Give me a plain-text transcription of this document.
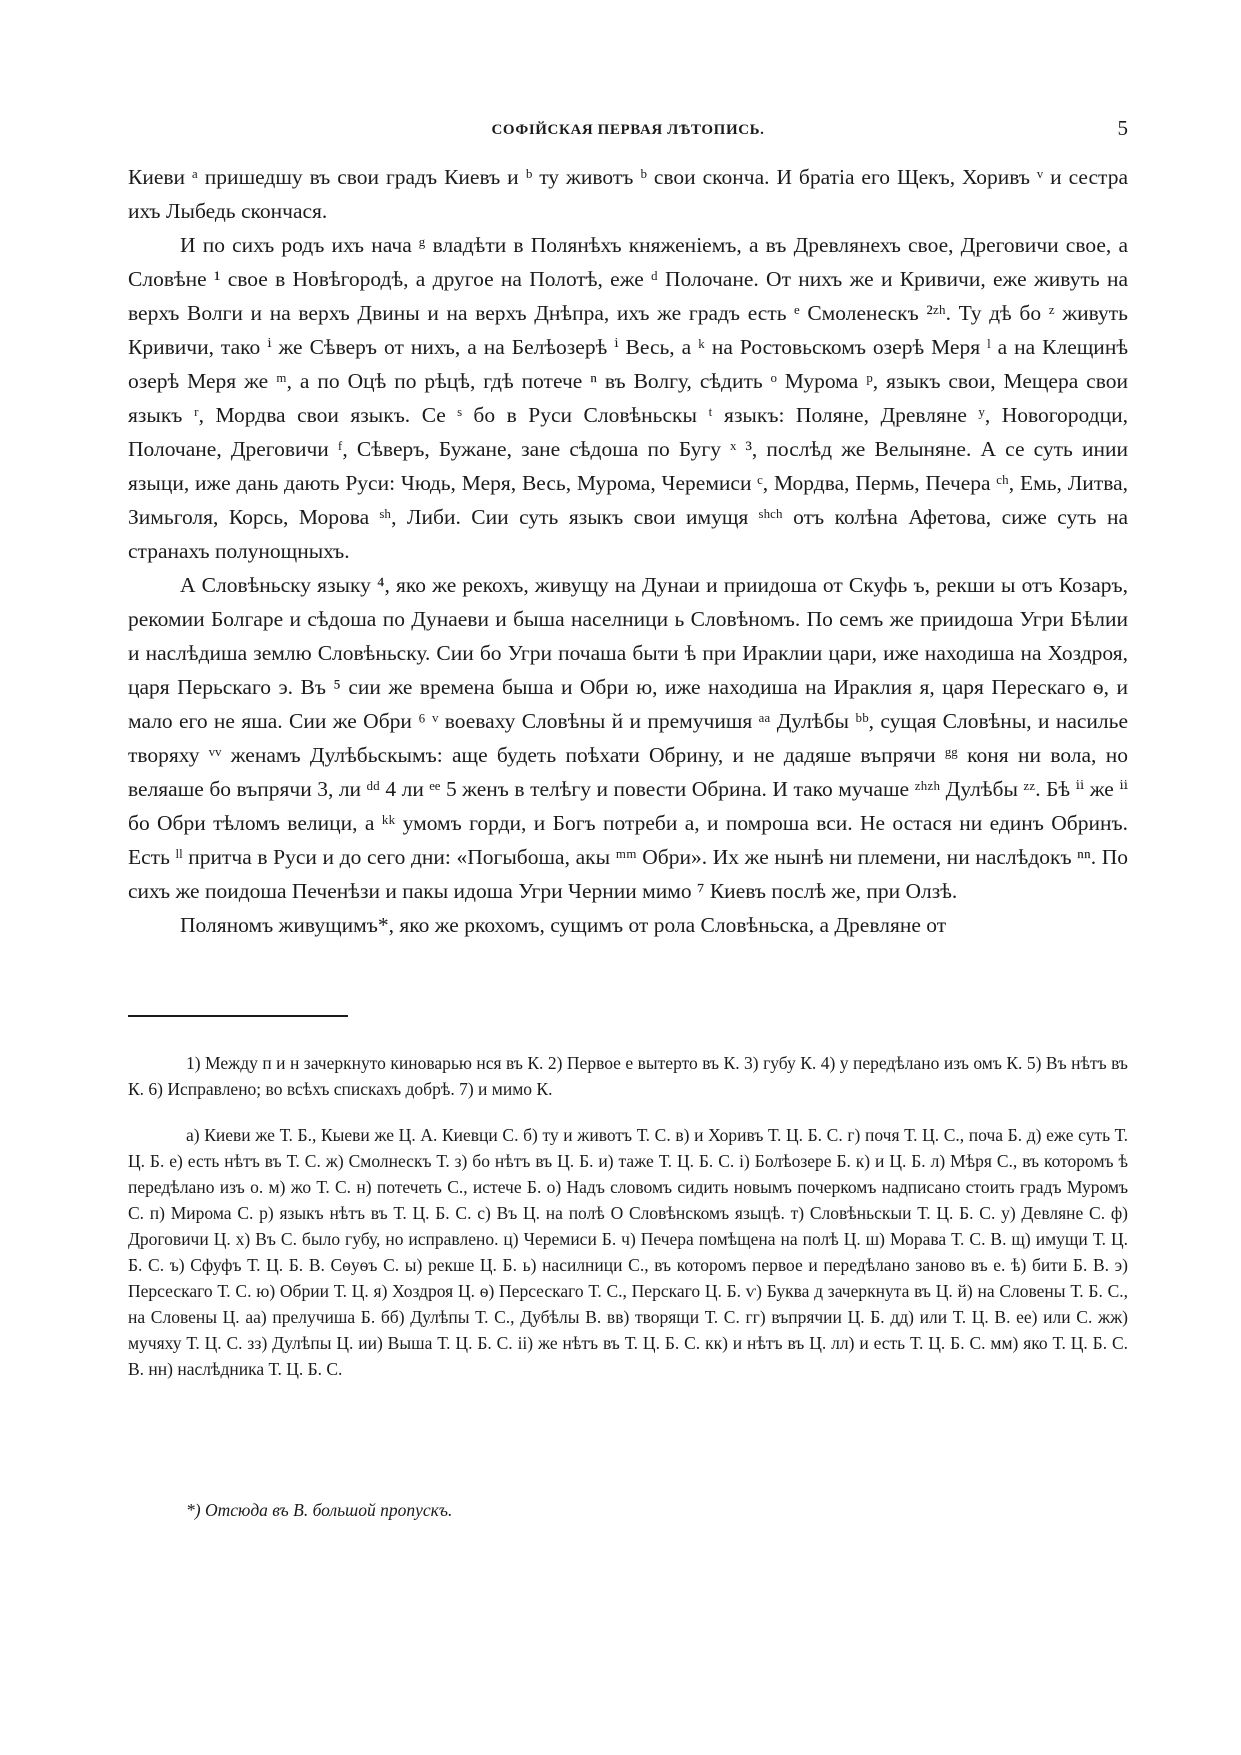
СОФІЙСКАЯ ПЕРВАЯ ЛѢТОПИСЬ.	5

Киеви ᵃ пришедшу въ свои градъ Киевъ и ᵇ ту животъ ᵇ свои скончa. И братіа его Щекъ, Хоривъ ᵛ и сестра ихъ Лыбедь скончася.

И по сихъ родъ ихъ нача ᵍ владѣти в Полянѣхъ княженіемъ, а въ Древлянехъ свое, Дреговичи свое, а Словѣне ¹ свое в Новѣгородѣ, а другое на Полотѣ, еже ᵈ Полочане. От нихъ же и Кривичи, еже живуть на верхъ Волги и на верхъ Двины и на верхъ Днѣпра, ихъ же градъ есть ᵉ Смоленескъ ²ᶻʰ. Ту дѣ бо ᶻ живуть Кривичи, тако ⁱ же Сѣверъ от нихъ, а на Белѣозерѣ ⁱ Весь, а ᵏ на Ростовьскомъ озерѣ Меря ˡ а на Клещинѣ озерѣ Меря же ᵐ, а по Оцѣ по рѣцѣ, гдѣ потече ⁿ въ Волгу, сѣдить ᵒ Мурома ᵖ, языкъ свои, Мещера свои языкъ ʳ, Мордва свои языкъ. Се ˢ бо в Руси Словѣньскы ᵗ языкъ: Поляне, Древляне ʸ, Новогородци, Полочане, Дреговичи ᶠ, Сѣверъ, Бужане, зане сѣдоша по Бугу ˣ ³, послѣд же Велыняне. А се суть инии языци, иже дань дають Руси: Чюдь, Меря, Весь, Мурома, Черемиси ᶜ, Мордва, Пермь, Печера ᶜʰ, Емь, Литва, Зимьголя, Корсь, Морова ˢʰ, Либи. Сии суть языкъ свои имущя ˢʰᶜʰ отъ колѣна Афетова, сиже суть на странахъ полунощныхъ.

А Словѣньску языку ⁴, яко же рекохъ, живущу на Дунаи и приидоша от Скуфь ъ, рекши ы отъ Козаръ, рекомии Болгаре и сѣдоша по Дунаеви и быша населници ь Словѣномъ. По семъ же приидоша Угри Бѣлии и наслѣдиша землю Словѣньску. Сии бо Угри почаша быти ѣ при Ираклии цари, иже находиша на Хоздроя, царя Перьскаго э. Въ ⁵ сии же времена быша и Обри ю, иже находиша на Ираклия я, царя Перескаго ѳ, и мало его не яша. Сии же Обри ⁶ ᵛ воеваху Словѣны й и премучишя ᵃᵃ Дулѣбы ᵇᵇ, сущая Словѣны, и насилье творяху ᵛᵛ женамъ Дулѣбьскымъ: аще будеть поѣхати Обрину, и не дадяше въпрячи ᵍᵍ коня ни вола, но веляаше бо въпрячи 3, ли ᵈᵈ 4 ли ᵉᵉ 5 женъ в телѣгу и повести Обрина. И тако мучаше ᶻʰᶻʰ Дулѣбы ᶻᶻ. Бѣ ⁱⁱ же ⁱⁱ бо Обри тѣломъ велици, а ᵏᵏ умомъ горди, и Богъ потреби а, и помроша вси. Не остася ни единъ Обринъ. Есть ˡˡ притча в Руси и до сего дни: «Погыбоша, акы ᵐᵐ Обри». Их же нынѣ ни племени, ни наслѣдокъ ⁿⁿ. По сихъ же поидоша Печенѣзи и пакы идоша Угри Чернии мимо ⁷ Киевъ послѣ же, при Олзѣ.

Поляномъ живущимъ*, яко же ркохомъ, сущимъ от рола Словѣньска, а Древляне от

1) Между п и н зачеркнуто киноварью нся въ К. 2) Первое е вытерто въ К. 3) губу К. 4) у передѣлано изъ омъ К. 5) Въ нѣтъ въ К. 6) Исправлено; во всѣхъ спискахъ добрѣ. 7) и мимо К.

а) Киеви же Т. Б., Кыеви же Ц. А. Киевци С. б) ту и животъ Т. С. в) и Хоривъ Т. Ц. Б. С. г) почя Т. Ц. С., поча Б. д) еже суть Т. Ц. Б. е) есть нѣтъ въ Т. С. ж) Смолнескъ Т. з) бо нѣтъ въ Ц. Б. и) таже Т. Ц. Б. С. і) Болѣозере Б. к) и Ц. Б. л) Мѣря С., въ которомъ ѣ передѣлано изъ о. м) жо Т. С. н) потечеть С., истече Б. о) Надъ словомъ сидить новымъ почеркомъ надписано стоить градъ Муромъ С. п) Мирома С. р) языкъ нѣтъ въ Т. Ц. Б. С. с) Въ Ц. на полѣ О Словѣнскомъ языцѣ. т) Словѣньскыи Т. Ц. Б. С. у) Девляне С. ф) Дроговичи Ц. х) Въ С. было губу, но исправлено. ц) Черемиси Б. ч) Печера помѣщена на полѣ Ц. ш) Морава Т. С. В. щ) имущи Т. Ц. Б. С. ъ) Сфуфъ Т. Ц. Б. В. Сѳуѳъ С. ы) рекше Ц. Б. ь) насилници С., въ которомъ первое и передѣлано заново въ е. ѣ) бити Б. В. э) Персескаго Т. С. ю) Обрии Т. Ц. я) Хоздроя Ц. ѳ) Персескаго Т. С., Перскаго Ц. Б. ѵ) Буква д зачеркнута въ Ц. й) на Словены Т. Б. С., на Словены Ц. аа) прелучиша Б. бб) Дулѣпы Т. С., Дубѣлы В. вв) творящи Т. С. гг) въпрячии Ц. Б. дд) или Т. Ц. В. ее) или С. жж) мучяху Т. Ц. С. зз) Дулѣпы Ц. ии) Выша Т. Ц. Б. С. іі) же нѣтъ въ Т. Ц. Б. С. кк) и нѣтъ въ Ц. лл) и есть Т. Ц. Б. С. мм) яко Т. Ц. Б. С. В. нн) наслѣдника Т. Ц. Б. С.

*) Отсюда въ В. большой пропускъ.
